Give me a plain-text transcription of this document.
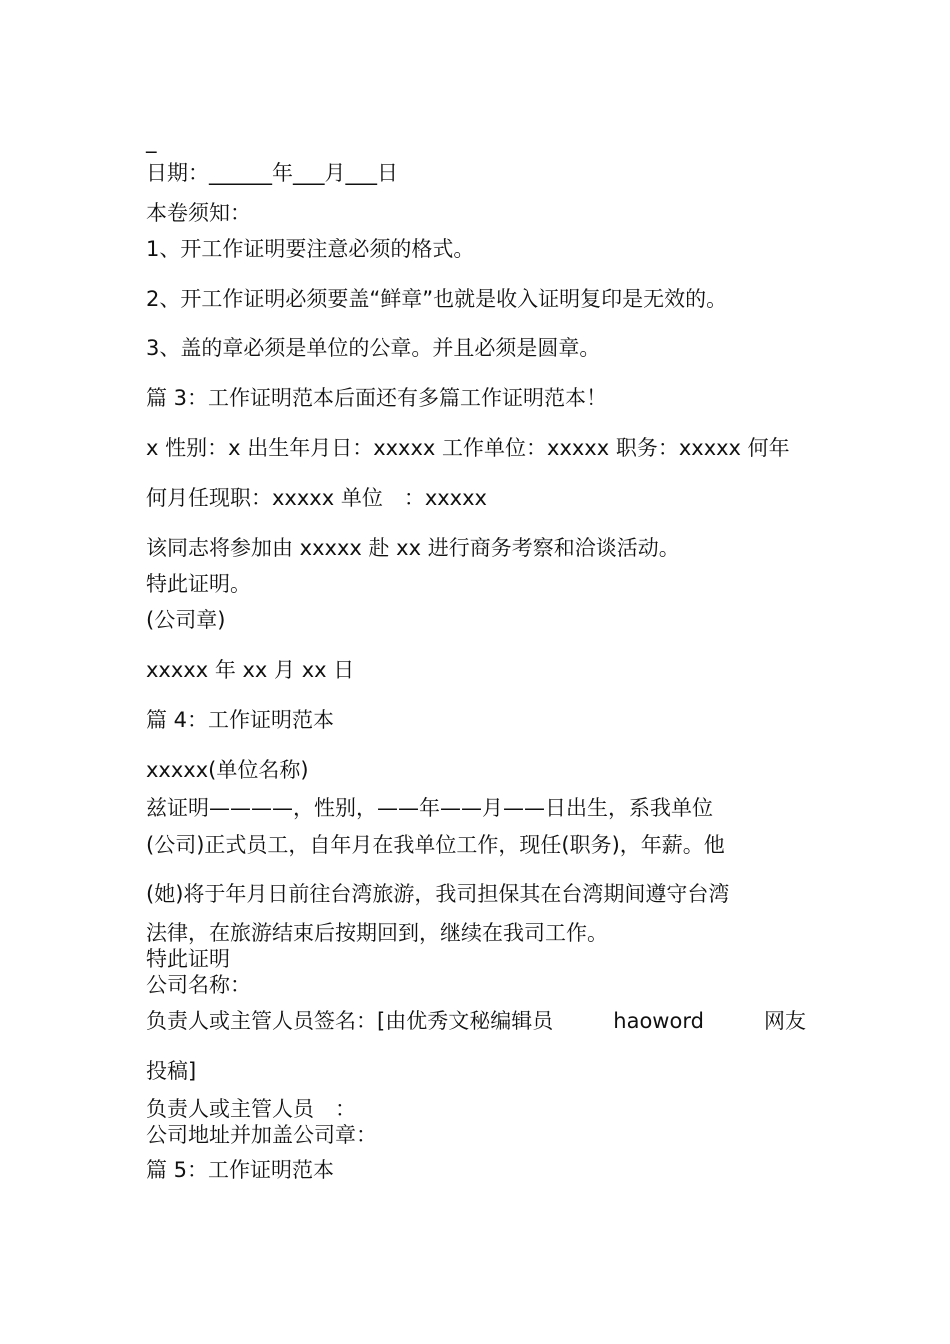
_

日期：______年___月___日

本卷须知：

1、开工作证明要注意必须的格式。

2、开工作证明必须要盖“鲜章”也就是收入证明复印是无效的。

3、盖的章必须是单位的公章。并且必须是圆章。

篇 3：工作证明范本后面还有多篇工作证明范本！

x 性别：x 出生年月日：xxxxx 工作单位：xxxxx 职务：xxxxx 何年

何月任现职：xxxxx 单位　：xxxxx

该同志将参加由 xxxxx 赴 xx 进行商务考察和洽谈活动。

特此证明。

(公司章)

xxxxx 年 xx 月 xx 日

篇 4：工作证明范本

xxxxx(单位名称)

兹证明————，性别，——年——月——日出生，系我单位

(公司)正式员工，自年月在我单位工作，现任(职务)，年薪。他

(她)将于年月日前往台湾旅游，我司担保其在台湾期间遵守台湾

法律，在旅游结束后按期回到，继续在我司工作。

特此证明

公司名称：

负责人或主管人员签名：[由优秀文秘编辑员	haoword	网友

投稿]

负责人或主管人员　：

公司地址并加盖公司章：

篇 5：工作证明范本
